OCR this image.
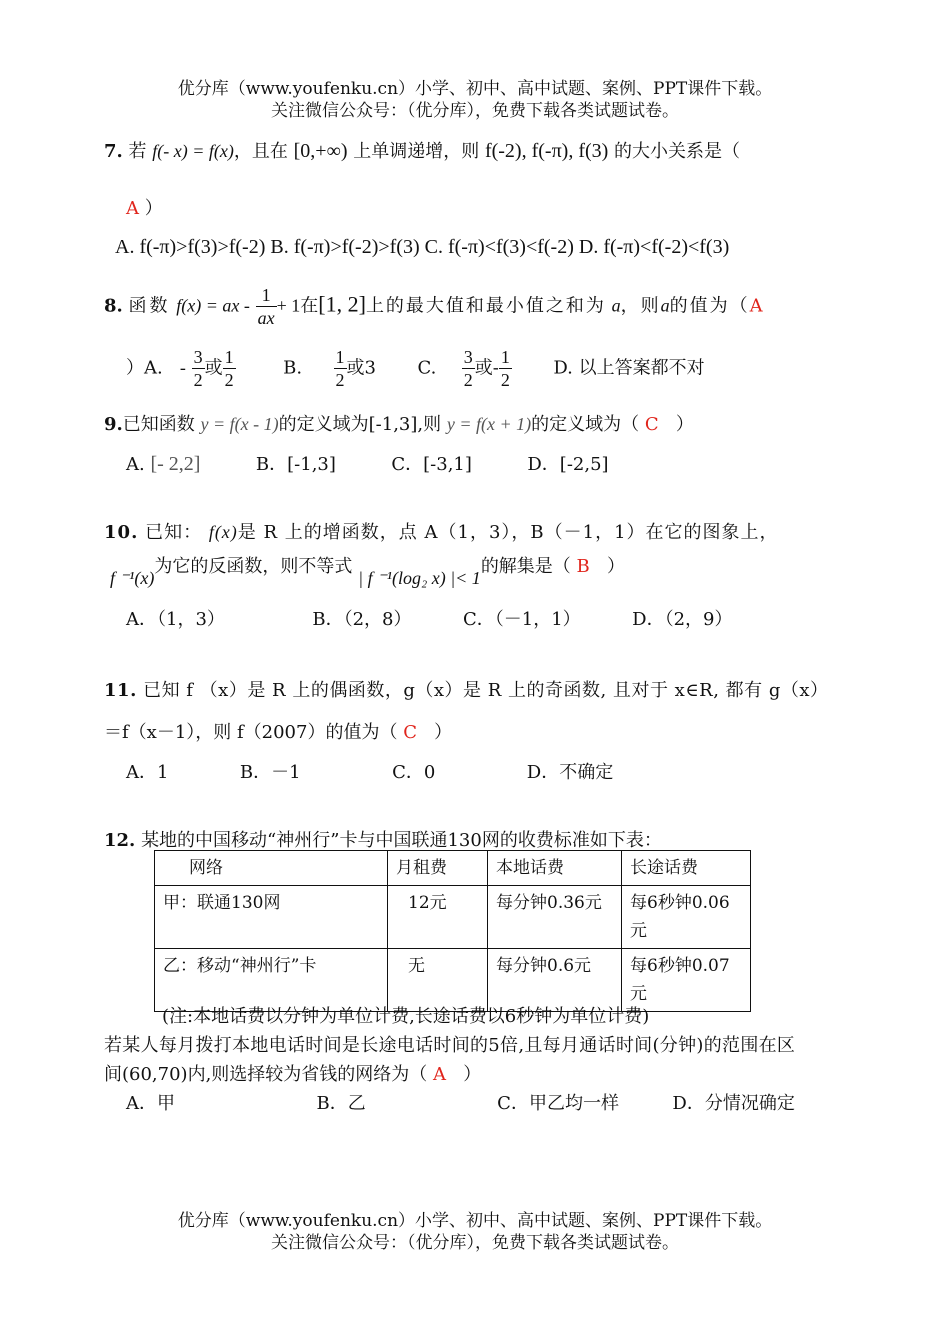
优分库（www.youfenku.cn）小学、初中、高中试题、案例、PPT课件下载。
关注微信公众号：（优分库），免费下载各类试题试卷。
7. 若 f(- x) = f(x)，且在 [0,+∞) 上单调递增，则 f(-2), f(-π), f(3) 的大小关系是（
A ）
A. f(-π)>f(3)>f(-2) B. f(-π)>f(-2)>f(3) C. f(-π)<f(3)<f(-2) D. f(-π)<f(-2)<f(3)
8. 函数 f(x) = ax - $\frac{1}{ax} + 1$在[1, 2]上的最大值和最小值之和为 a，则a的值为（A
）A. - $\frac{3}{2}$ 或 $\frac{1}{2}$	B. $\frac{1}{2}$ 或3 C. $\frac{3}{2}$ 或- $\frac{1}{2} D$. 以上答案都不对
9.已知函数 y = f(x - 1)的定义域为[-1,3],则 y = f(x + 1)的定义域为（ C ）
A. [- 2,2]	B．[-1,3]	C．[-3,1]	D．[-2,5]
10. 已知： f(x)是 R 上的增函数，点 A（1，3），B（－1，1）在它的图象上，
f ⁻¹(x)为它的反函数，则不等式 | f ⁻¹(log₂ x) |< 1的解集是（ B ）
A．（1，3）	B．（2，8）	C．（－1，1）	D．（2，9）
11. 已知 f （x）是 R 上的偶函数，g（x）是 R 上的奇函数, 且对于 x∈R, 都有 g（x）
＝f（x－1），则 f（2007）的值为（ C ）
A．1	B．－1	C．0	D．不确定
12. 某地的中国移动“神州行”卡与中国联通130网的收费标准如下表：
网络	月租费	本地话费	长途话费
甲：联通130网	12元	每分钟0.36元	每6秒钟0.06元
乙：移动“神州行”卡	无	每分钟0.6元	每6秒钟0.07元
(注:本地话费以分钟为单位计费,长途话费以6秒钟为单位计费)
若某人每月拨打本地电话时间是长途电话时间的5倍,且每月通话时间(分钟)的范围在区
间(60,70)内,则选择较为省钱的网络为（ A ）
A．甲	B．乙	C．甲乙均一样	D．分情况确定
优分库（www.youfenku.cn）小学、初中、高中试题、案例、PPT课件下载。
关注微信公众号：（优分库），免费下载各类试题试卷。
